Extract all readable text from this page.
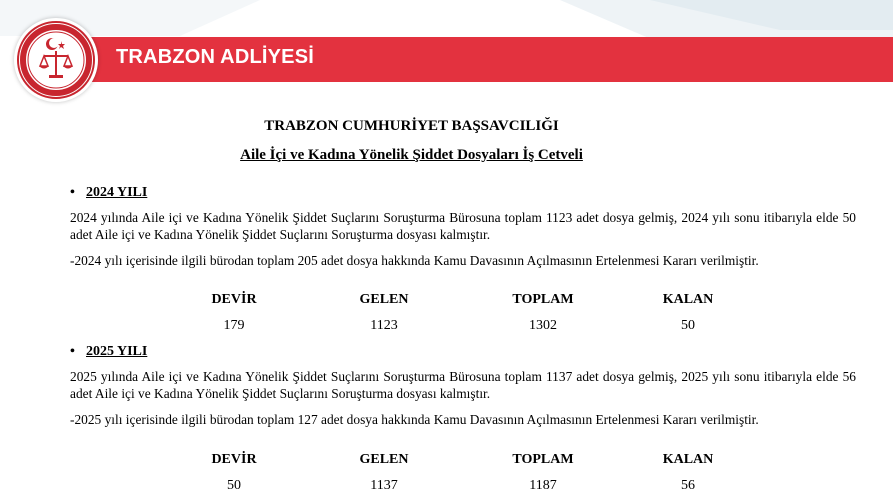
TRABZON ADLİYESİ
TRABZON CUMHURİYET BAŞSAVCILIĞI
Aile İçi ve Kadına Yönelik Şiddet Dosyaları İş Cetveli
• 2024 YILI
2024 yılında Aile içi ve Kadına Yönelik Şiddet Suçlarını Soruşturma Bürosuna toplam 1123 adet dosya gelmiş, 2024 yılı sonu itibarıyla elde 50 adet Aile içi ve Kadına Yönelik Şiddet Suçlarını Soruşturma dosyası kalmıştır.
-2024 yılı içerisinde ilgili bürodan toplam 205 adet dosya hakkında Kamu Davasının Açılmasının Ertelenmesi Kararı verilmiştir.
DEVİR	GELEN	TOPLAM	KALAN
179	1123	1302	50
• 2025 YILI
2025 yılında Aile içi ve Kadına Yönelik Şiddet Suçlarını Soruşturma Bürosuna toplam 1137 adet dosya gelmiş, 2025 yılı sonu itibarıyla elde 56 adet Aile içi ve Kadına Yönelik Şiddet Suçlarını Soruşturma dosyası kalmıştır.
-2025 yılı içerisinde ilgili bürodan toplam 127 adet dosya hakkında Kamu Davasının Açılmasının Ertelenmesi Kararı verilmiştir.
DEVİR	GELEN	TOPLAM	KALAN
50	1137	1187	56
